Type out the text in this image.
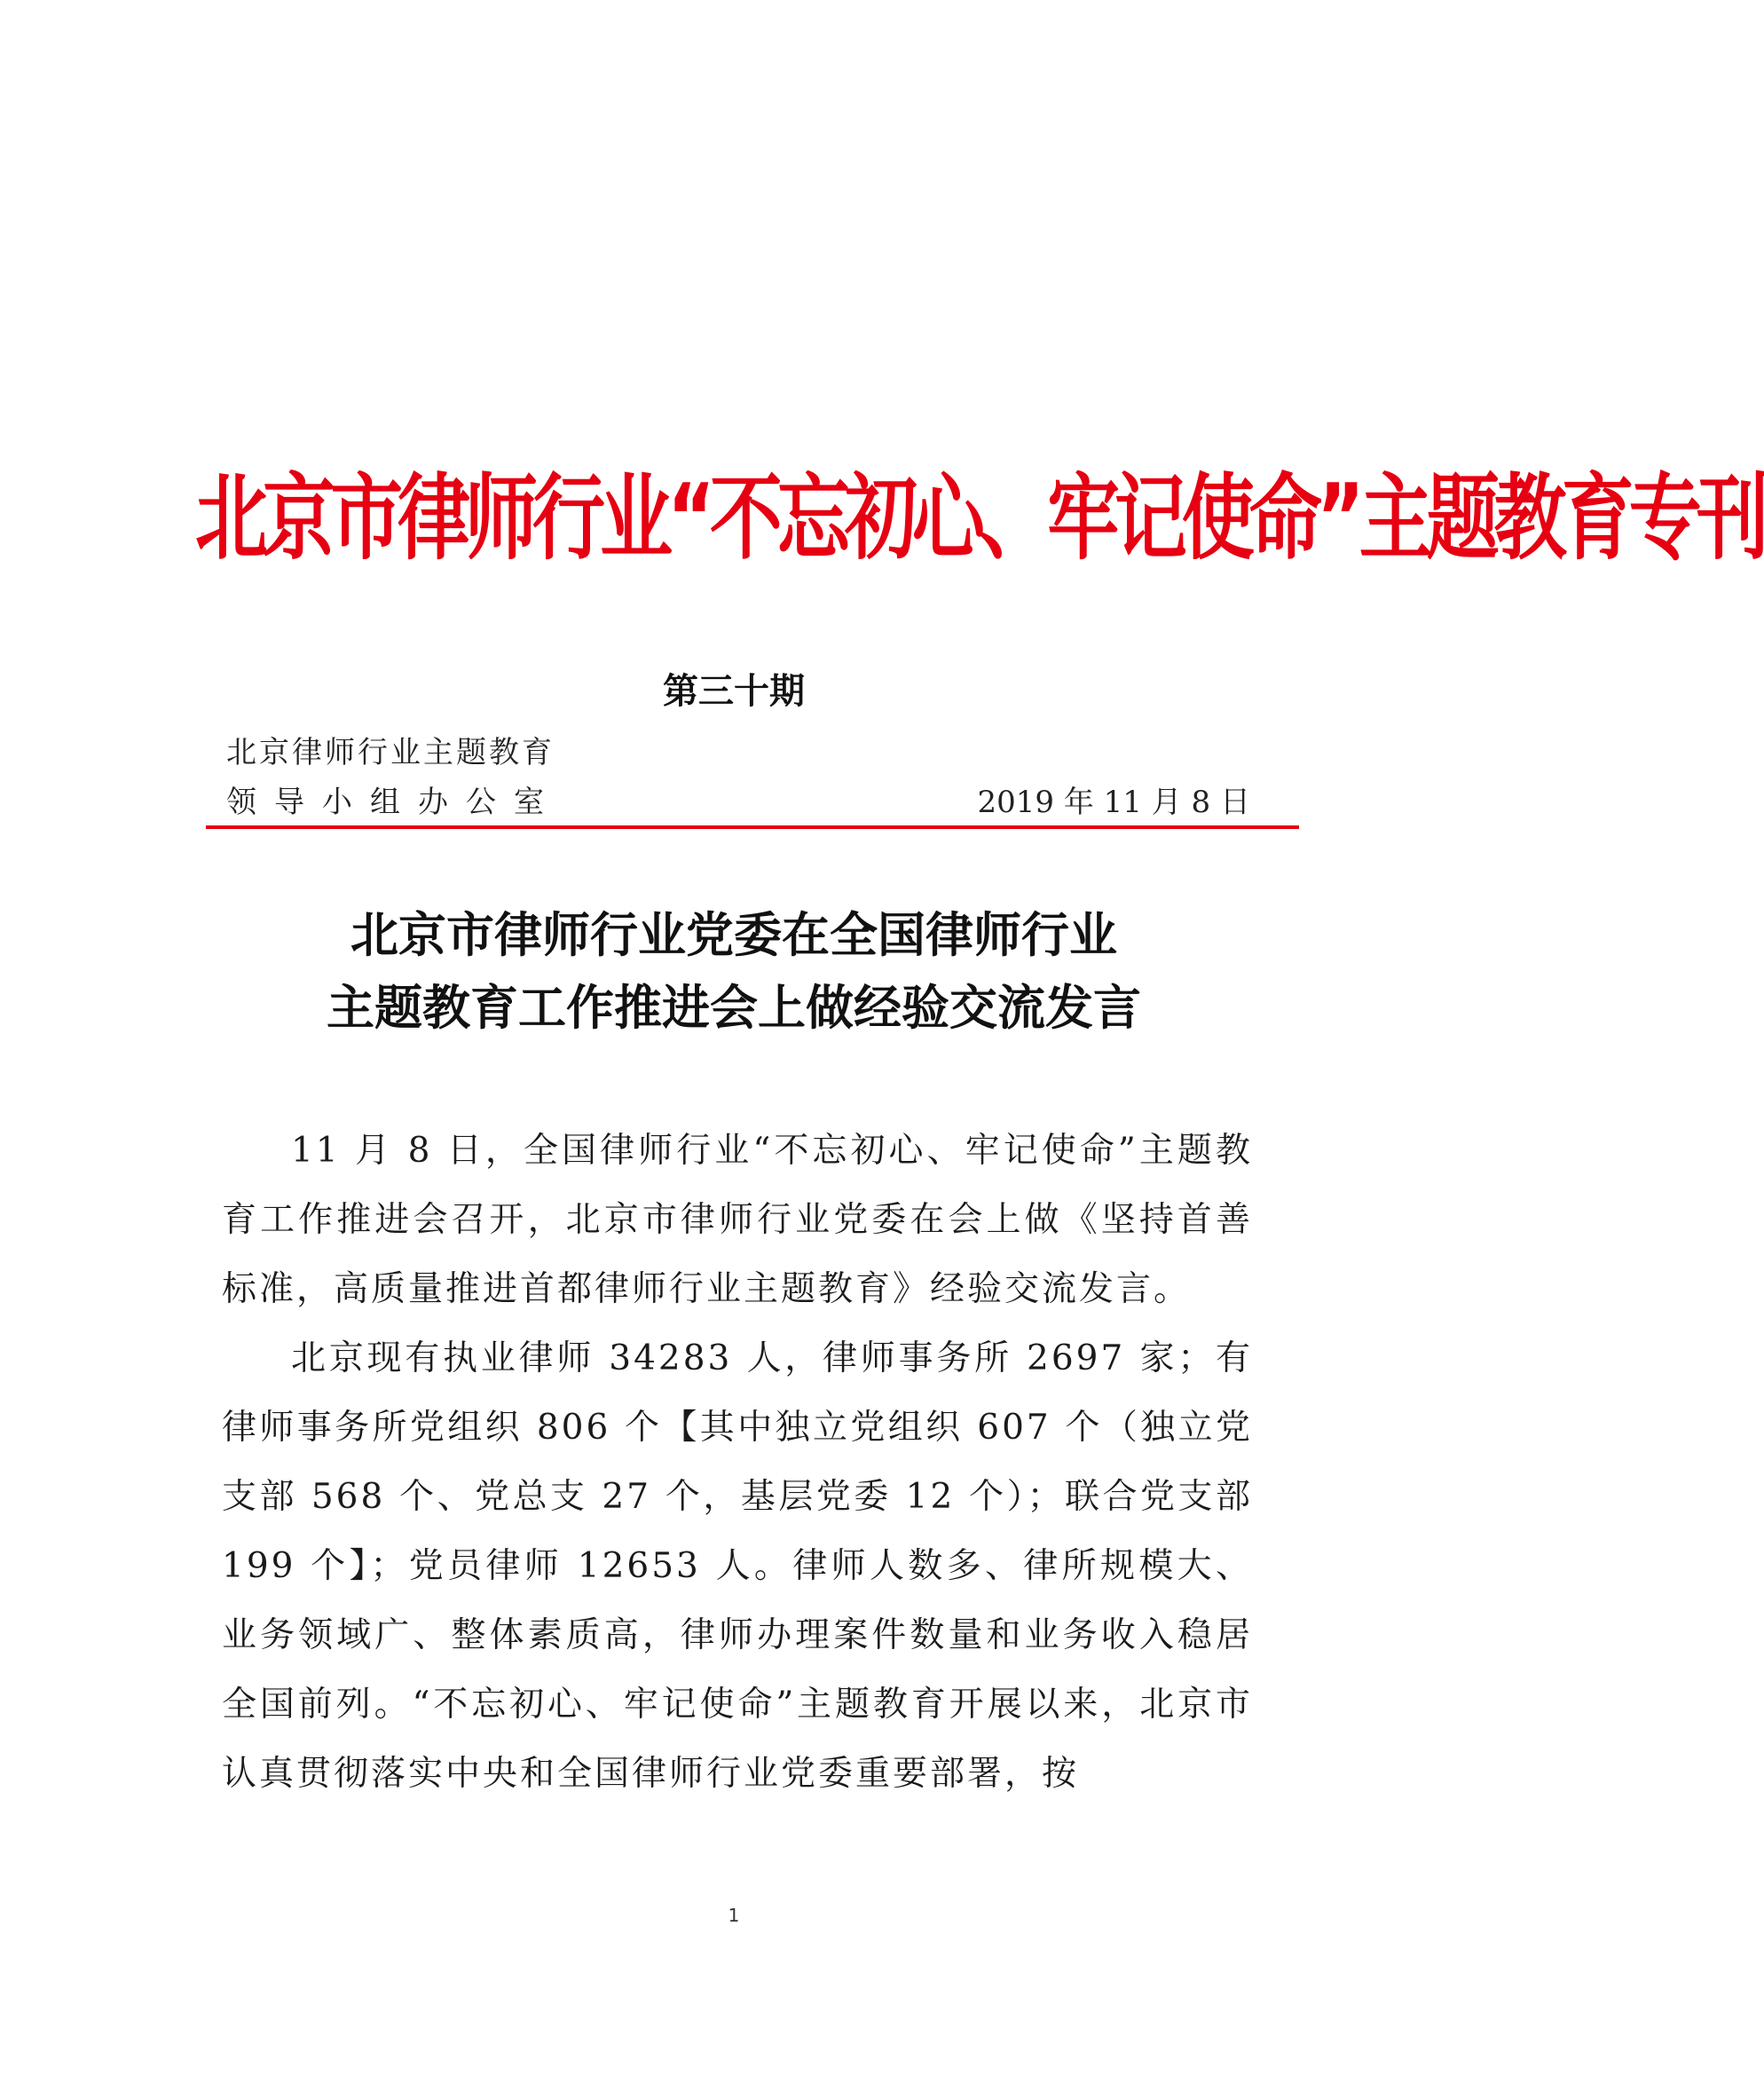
北京市律师行业“不忘初心、牢记使命”主题教育专刊
第三十期
北京律师行业主题教育
领导小组办公室	2019 年 11 月 8 日
北京市律师行业党委在全国律师行业
主题教育工作推进会上做经验交流发言

11 月 8 日，全国律师行业“不忘初心、牢记使命”主题教育工作推进会召开，北京市律师行业党委在会上做《坚持首善标准，高质量推进首都律师行业主题教育》经验交流发言。

北京现有执业律师 34283 人，律师事务所 2697 家；有律师事务所党组织 806 个【其中独立党组织 607 个（独立党支部 568 个、党总支 27 个，基层党委 12 个）；联合党支部 199 个】；党员律师 12653 人。律师人数多、律所规模大、业务领域广、整体素质高，律师办理案件数量和业务收入稳居全国前列。“不忘初心、牢记使命”主题教育开展以来，北京市认真贯彻落实中央和全国律师行业党委重要部署，按

1
